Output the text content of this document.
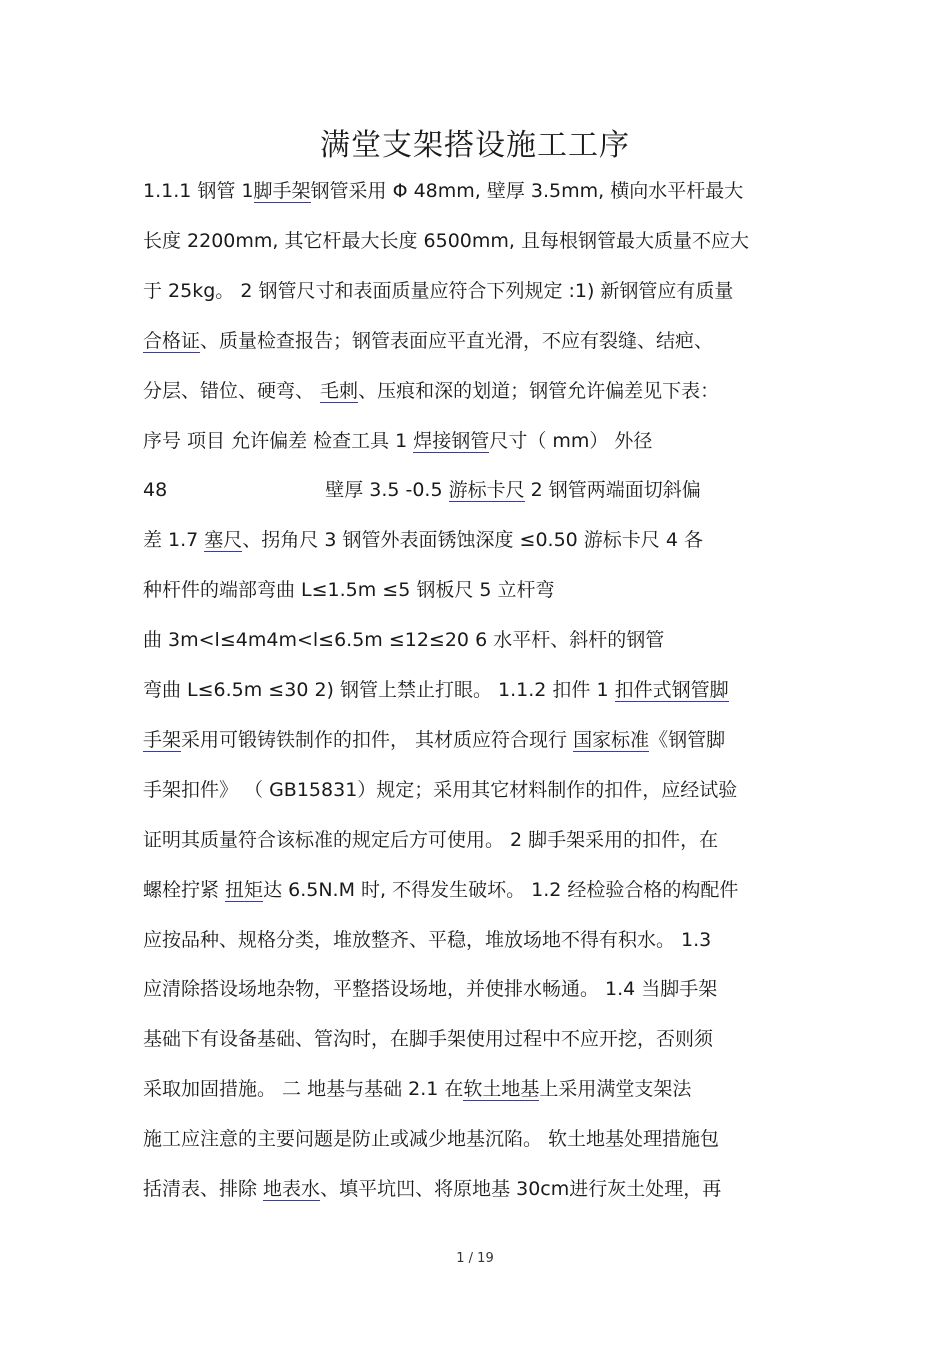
满堂支架搭设施工工序
1.1.1 钢管 1脚手架钢管采用 Φ 48mm, 壁厚 3.5mm, 横向水平杆最大
长度 2200mm, 其它杆最大长度 6500mm, 且每根钢管最大质量不应大
于 25kg。 2 钢管尺寸和表面质量应符合下列规定 :1) 新钢管应有质量
合格证、质量检查报告；钢管表面应平直光滑，不应有裂缝、结疤、
分层、错位、硬弯、 毛刺、压痕和深的划道；钢管允许偏差见下表：
序号 项目 允许偏差 检查工具 1 焊接钢管尺寸（ mm） 外径
48	壁厚 3.5 -0.5 游标卡尺 2 钢管两端面切斜偏
差 1.7 塞尺、拐角尺 3 钢管外表面锈蚀深度 ≤0.50 游标卡尺 4 各
种杆件的端部弯曲 L≤1.5m ≤5 钢板尺 5 立杆弯
曲 3m<l≤4m4m<l≤6.5m ≤12≤20 6 水平杆、斜杆的钢管
弯曲 L≤6.5m ≤30 2) 钢管上禁止打眼。 1.1.2 扣件 1 扣件式钢管脚
手架采用可锻铸铁制作的扣件， 其材质应符合现行 国家标准《钢管脚
手架扣件》 （ GB15831）规定；采用其它材料制作的扣件，应经试验
证明其质量符合该标准的规定后方可使用。 2 脚手架采用的扣件，在
螺栓拧紧 扭矩达 6.5N.M 时, 不得发生破坏。 1.2 经检验合格的构配件
应按品种、规格分类，堆放整齐、平稳，堆放场地不得有积水。 1.3
应清除搭设场地杂物，平整搭设场地，并使排水畅通。 1.4 当脚手架
基础下有设备基础、管沟时，在脚手架使用过程中不应开挖，否则须
采取加固措施。 二 地基与基础 2.1 在软土地基上采用满堂支架法
施工应注意的主要问题是防止或减少地基沉陷。 软土地基处理措施包
括清表、排除 地表水、填平坑凹、将原地基 30cm进行灰土处理，再
1 / 19
